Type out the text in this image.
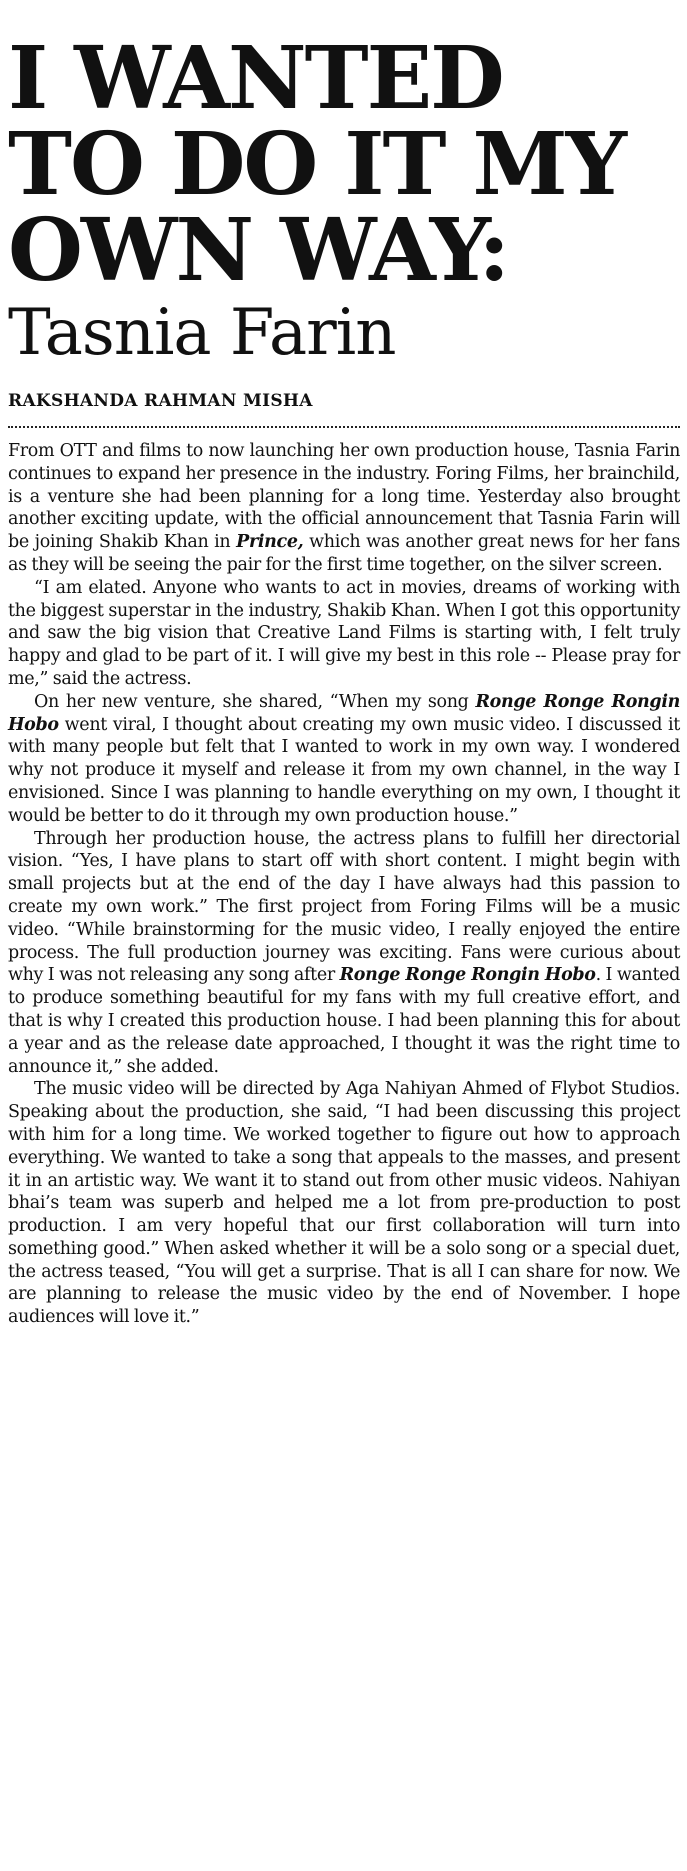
I WANTED
TO DO IT MY
OWN WAY:
Tasnia Farin
RAKSHANDA RAHMAN MISHA

From OTT and films to now launching her own production house, Tasnia Farin continues to expand her presence in the industry. Foring Films, her brainchild, is a venture she had been planning for a long time. Yesterday also brought another exciting update, with the official announcement that Tasnia Farin will be joining Shakib Khan in Prince, which was another great news for her fans as they will be seeing the pair for the first time together, on the silver screen.

“I am elated. Anyone who wants to act in movies, dreams of working with the biggest superstar in the industry, Shakib Khan. When I got this opportunity and saw the big vision that Creative Land Films is starting with, I felt truly happy and glad to be part of it. I will give my best in this role -- Please pray for me,” said the actress.

On her new venture, she shared, “When my song Ronge Ronge Rongin Hobo went viral, I thought about creating my own music video. I discussed it with many people but felt that I wanted to work in my own way. I wondered why not produce it myself and release it from my own channel, in the way I envisioned. Since I was planning to handle everything on my own, I thought it would be better to do it through my own production house.”

Through her production house, the actress plans to fulfill her directorial vision. “Yes, I have plans to start off with short content. I might begin with small projects but at the end of the day I have always had this passion to create my own work.” The first project from Foring Films will be a music video. “While brainstorming for the music video, I really enjoyed the entire process. The full production journey was exciting. Fans were curious about why I was not releasing any song after Ronge Ronge Rongin Hobo. I wanted to produce something beautiful for my fans with my full creative effort, and that is why I created this production house. I had been planning this for about a year and as the release date approached, I thought it was the right time to announce it,” she added.

The music video will be directed by Aga Nahiyan Ahmed of Flybot Studios. Speaking about the production, she said, “I had been discussing this project with him for a long time. We worked together to figure out how to approach everything. We wanted to take a song that appeals to the masses, and present it in an artistic way. We want it to stand out from other music videos. Nahiyan bhai’s team was superb and helped me a lot from pre-production to post production. I am very hopeful that our first collaboration will turn into something good.” When asked whether it will be a solo song or a special duet, the actress teased, “You will get a surprise. That is all I can share for now. We are planning to release the music video by the end of November. I hope audiences will love it.”
